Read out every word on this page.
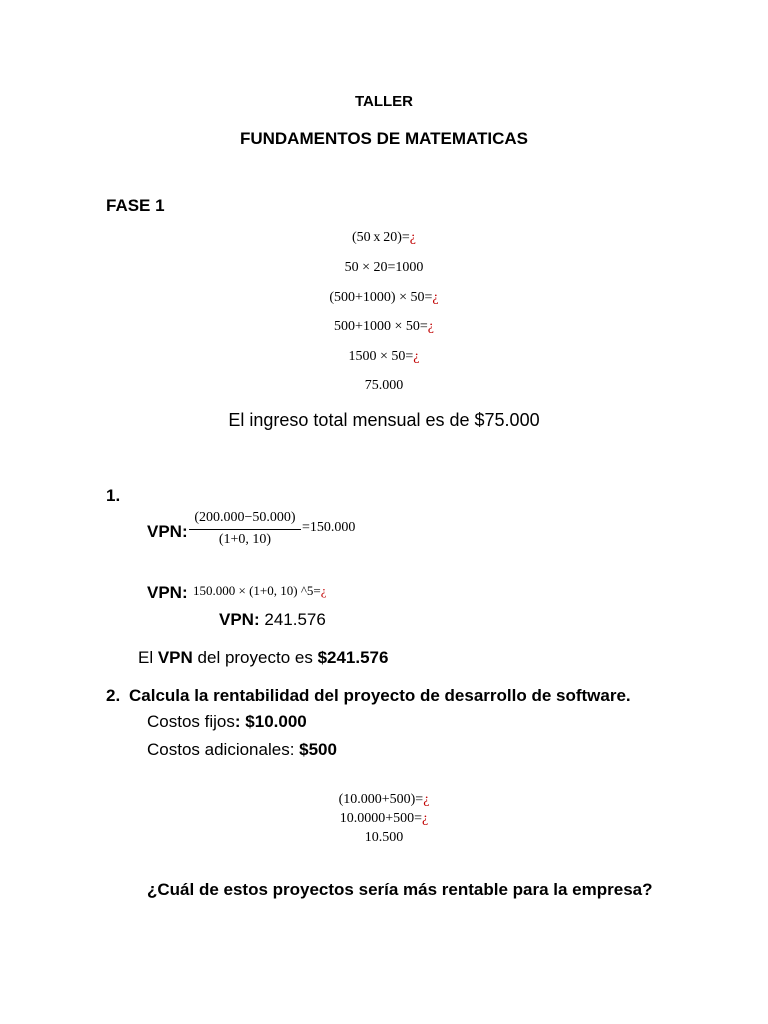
TALLER
FUNDAMENTOS DE MATEMATICAS
FASE 1
(50 x 20)=¿
50 × 20=1000
(500+1000) × 50=¿
500+1000 × 50=¿
1500 × 50=¿
75.000
El ingreso total mensual es de $75.000
1.
VPN:
(200.000−50.000)
(1+0, 10)
=150.000
VPN: 150.000 × (1+0, 10) ^5=¿
VPN: 241.576
El VPN del proyecto es $241.576
2. Calcula la rentabilidad del proyecto de desarrollo de software.
Costos fijos: $10.000
Costos adicionales: $500
(10.000+500)=¿
10.0000+500=¿
10.500
¿Cuál de estos proyectos sería más rentable para la empresa?
